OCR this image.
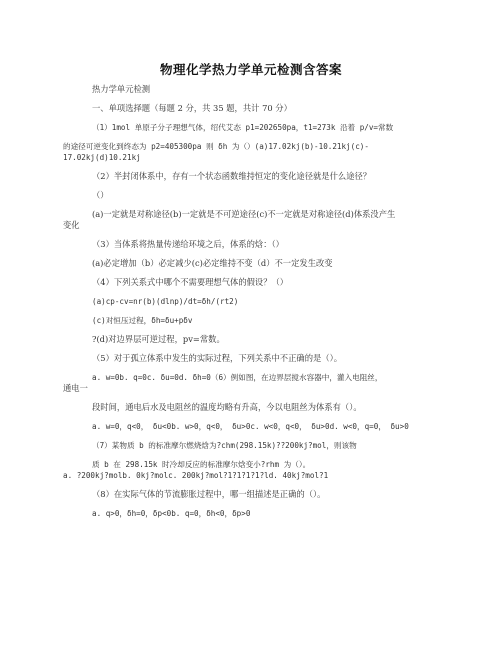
物理化学热力学单元检测含答案
热力学单元检测
一、单项选择题（每题 2 分，共 35 题，共计 70 分）
（1）1mol 单原子分子理想气体，绍代艾态 p1=202650pa，t1=273k 沿着 p/v=常数
的途径可逆变化到终态为 p2=405300pa 则 δh 为（）(a)17.02kj(b)-10.21kj(c)-
17.02kj(d)10.21kj
（2）半封闭体系中，存有一个状态函数维持恒定的变化途径就是什么途径？
（）
(a)一定就是对称途径(b)一定就是不可逆途径(c)不一定就是对称途径(d)体系没产生
变化
（3）当体系将热量传递给环境之后，体系的焓：（）
(a)必定增加（b）必定减少(c)必定维持不变（d）不一定发生改变
（4）下列关系式中哪个不需要理想气体的假设？（）
(a)cp-cv=nr(b)(dlnp)/dt=δh/(rt2)
(c)对恒压过程，δh=δu+pδv
?(d)对边界层可逆过程，pv=常数。
（5）对于孤立体系中发生的实际过程，下列关系中不正确的是（）。
a. w=0b. q=0c. δu=0d. δh=0（6）例如图，在边界层搅水容器中，灌入电阻丝，
通电一
段时间，通电后水及电阻丝的温度均略有升高，今以电阻丝为体系有（）。
a. w=0，q<0， δu<0b. w>0，q<0， δu>0c. w<0，q<0， δu>0d. w<0，q=0， δu>0
（7）某物质 b 的标准摩尔燃烧焓为?chm(298.15k)??200kj?mol，则该物
质 b 在 298.15k 时冷却反应的标准摩尔焓变小?rhm 为（）。
a. ?200kj?molb. 0kj?molc. 200kj?mol?1?1?1?1?ld. 40kj?mol?1
（8）在实际气体的节流膨胀过程中，哪一组描述是正确的（）。
a. q>0，δh=0，δp<0b. q=0，δh<0，δp>0
